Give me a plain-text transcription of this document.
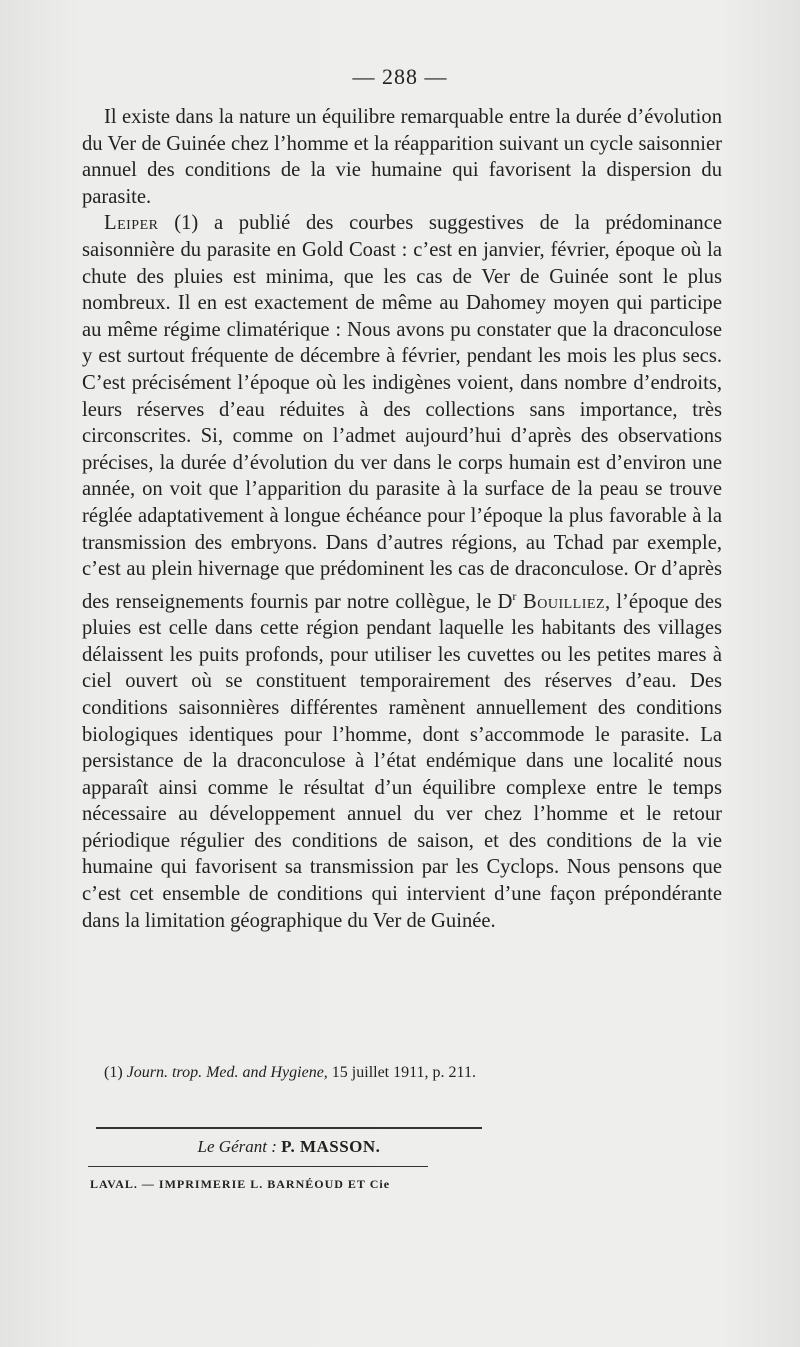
— 288 —

Il existe dans la nature un équilibre remarquable entre la durée d’évolution du Ver de Guinée chez l’homme et la réapparition suivant un cycle saisonnier annuel des conditions de la vie humaine qui favorisent la dispersion du parasite.

Leiper (1) a publié des courbes suggestives de la prédominance saisonnière du parasite en Gold Coast : c’est en janvier, février, époque où la chute des pluies est minima, que les cas de Ver de Guinée sont le plus nombreux. Il en est exactement de même au Dahomey moyen qui participe au même régime climatérique : Nous avons pu constater que la draconculose y est surtout fréquente de décembre à février, pendant les mois les plus secs. C’est précisément l’époque où les indigènes voient, dans nombre d’endroits, leurs réserves d’eau réduites à des collections sans importance, très circonscrites. Si, comme on l’admet aujourd’hui d’après des observations précises, la durée d’évolution du ver dans le corps humain est d’environ une année, on voit que l’apparition du parasite à la surface de la peau se trouve réglée adaptativement à longue échéance pour l’époque la plus favorable à la transmission des embryons. Dans d’autres régions, au Tchad par exemple, c’est au plein hivernage que prédominent les cas de draconculose. Or d’après des renseignements fournis par notre collègue, le $D^r$ Bouilliez, l’époque des pluies est celle dans cette région pendant laquelle les habitants des villages délaissent les puits profonds, pour utiliser les cuvettes ou les petites mares à ciel ouvert où se constituent temporairement des réserves d’eau. Des conditions saisonnières différentes ramènent annuellement des conditions biologiques identiques pour l’homme, dont s’accommode le parasite. La persistance de la draconculose à l’état endémique dans une localité nous apparaît ainsi comme le résultat d’un équilibre complexe entre le temps nécessaire au développement annuel du ver chez l’homme et le retour périodique régulier des conditions de saison, et des conditions de la vie humaine qui favorisent sa transmission par les Cyclops. Nous pensons que c’est cet ensemble de conditions qui intervient d’une façon prépondérante dans la limitation géographique du Ver de Guinée.

(1) Journ. trop. Med. and Hygiene, 15 juillet 1911, p. 211.
Le Gérant : P. MASSON.
LAVAL. — IMPRIMERIE L. BARNÉOUD ET Cie
